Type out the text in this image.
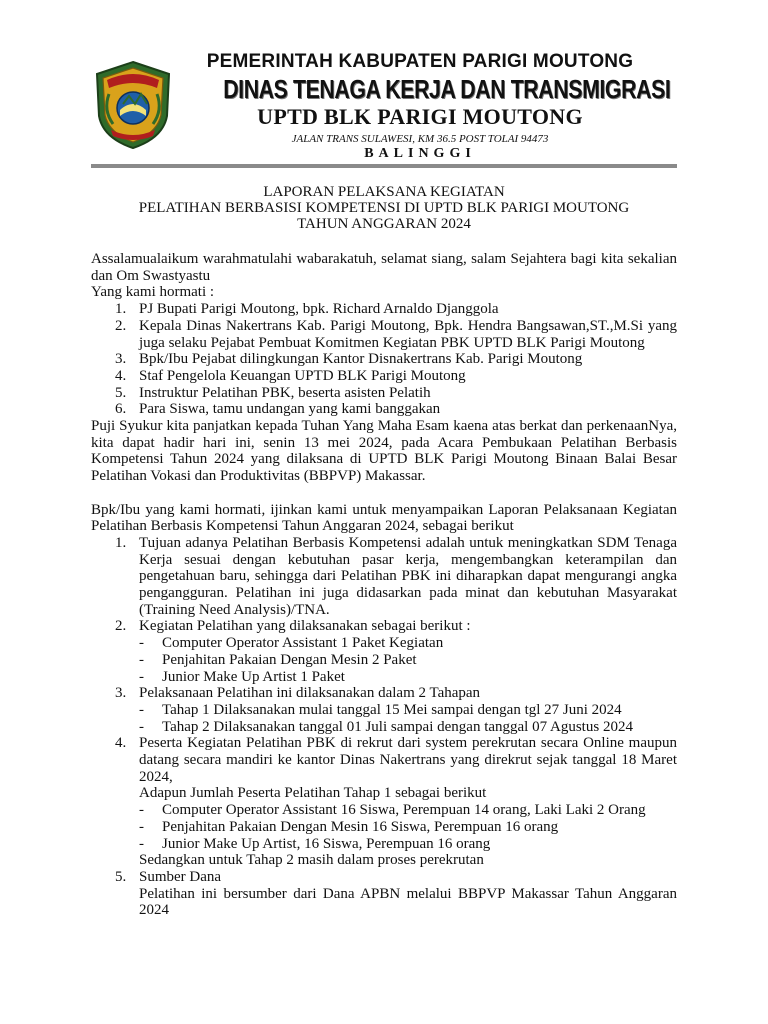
PEMERINTAH KABUPATEN PARIGI MOUTONG
DINAS TENAGA KERJA DAN TRANSMIGRASI
UPTD BLK PARIGI MOUTONG
JALAN TRANS SULAWESI, KM 36.5 POST TOLAI 94473
BALINGGI
LAPORAN PELAKSANA KEGIATAN
PELATIHAN BERBASISI KOMPETENSI DI UPTD BLK PARIGI MOUTONG
TAHUN ANGGARAN 2024

Assalamualaikum warahmatulahi wabarakatuh, selamat siang, salam Sejahtera bagi kita sekalian dan Om Swastyastu

Yang kami hormati :

1. PJ Bupati Parigi Moutong, bpk. Richard Arnaldo Djanggola
2. Kepala Dinas Nakertrans Kab. Parigi Moutong, Bpk. Hendra Bangsawan,ST.,M.Si yang juga selaku Pejabat Pembuat Komitmen Kegiatan PBK UPTD BLK Parigi Moutong
3. Bpk/Ibu Pejabat dilingkungan Kantor Disnakertrans Kab. Parigi Moutong
4. Staf Pengelola Keuangan UPTD BLK Parigi Moutong
5. Instruktur Pelatihan PBK, beserta asisten Pelatih
6. Para Siswa, tamu undangan yang kami banggakan

Puji Syukur kita panjatkan kepada Tuhan Yang Maha Esam kaena atas berkat dan perkenaanNya, kita dapat hadir hari ini, senin 13 mei 2024, pada Acara Pembukaan Pelatihan Berbasis Kompetensi Tahun 2024 yang dilaksana di UPTD BLK Parigi Moutong Binaan Balai Besar Pelatihan Vokasi dan Produktivitas (BBPVP) Makassar.

Bpk/Ibu yang kami hormati, ijinkan kami untuk menyampaikan Laporan Pelaksanaan Kegiatan Pelatihan Berbasis Kompetensi Tahun Anggaran 2024, sebagai berikut

1. Tujuan adanya Pelatihan Berbasis Kompetensi adalah untuk meningkatkan SDM Tenaga Kerja sesuai dengan kebutuhan pasar kerja, mengembangkan keterampilan dan pengetahuan baru, sehingga dari Pelatihan PBK ini diharapkan dapat mengurangi angka pengangguran. Pelatihan ini juga didasarkan pada minat dan kebutuhan Masyarakat (Training Need Analysis)/TNA.
2. Kegiatan Pelatihan yang dilaksanakan sebagai berikut :
- Computer Operator Assistant 1 Paket Kegiatan
- Penjahitan Pakaian Dengan Mesin 2 Paket
- Junior Make Up Artist 1 Paket
3. Pelaksanaan Pelatihan ini dilaksanakan dalam 2 Tahapan
- Tahap 1 Dilaksanakan mulai tanggal 15 Mei sampai dengan tgl 27 Juni 2024
- Tahap 2 Dilaksanakan tanggal 01 Juli sampai dengan tanggal 07 Agustus 2024
4. Peserta Kegiatan Pelatihan PBK di rekrut dari system perekrutan secara Online maupun datang secara mandiri ke kantor Dinas Nakertrans yang direkrut sejak tanggal 18 Maret 2024,
Adapun Jumlah Peserta Pelatihan Tahap 1 sebagai berikut
- Computer Operator Assistant 16 Siswa, Perempuan 14 orang, Laki Laki 2 Orang
- Penjahitan Pakaian Dengan Mesin 16 Siswa, Perempuan 16 orang
- Junior Make Up Artist, 16 Siswa, Perempuan 16 orang
Sedangkan untuk Tahap 2 masih dalam proses perekrutan
5. Sumber Dana
Pelatihan ini bersumber dari Dana APBN melalui BBPVP Makassar Tahun Anggaran 2024
